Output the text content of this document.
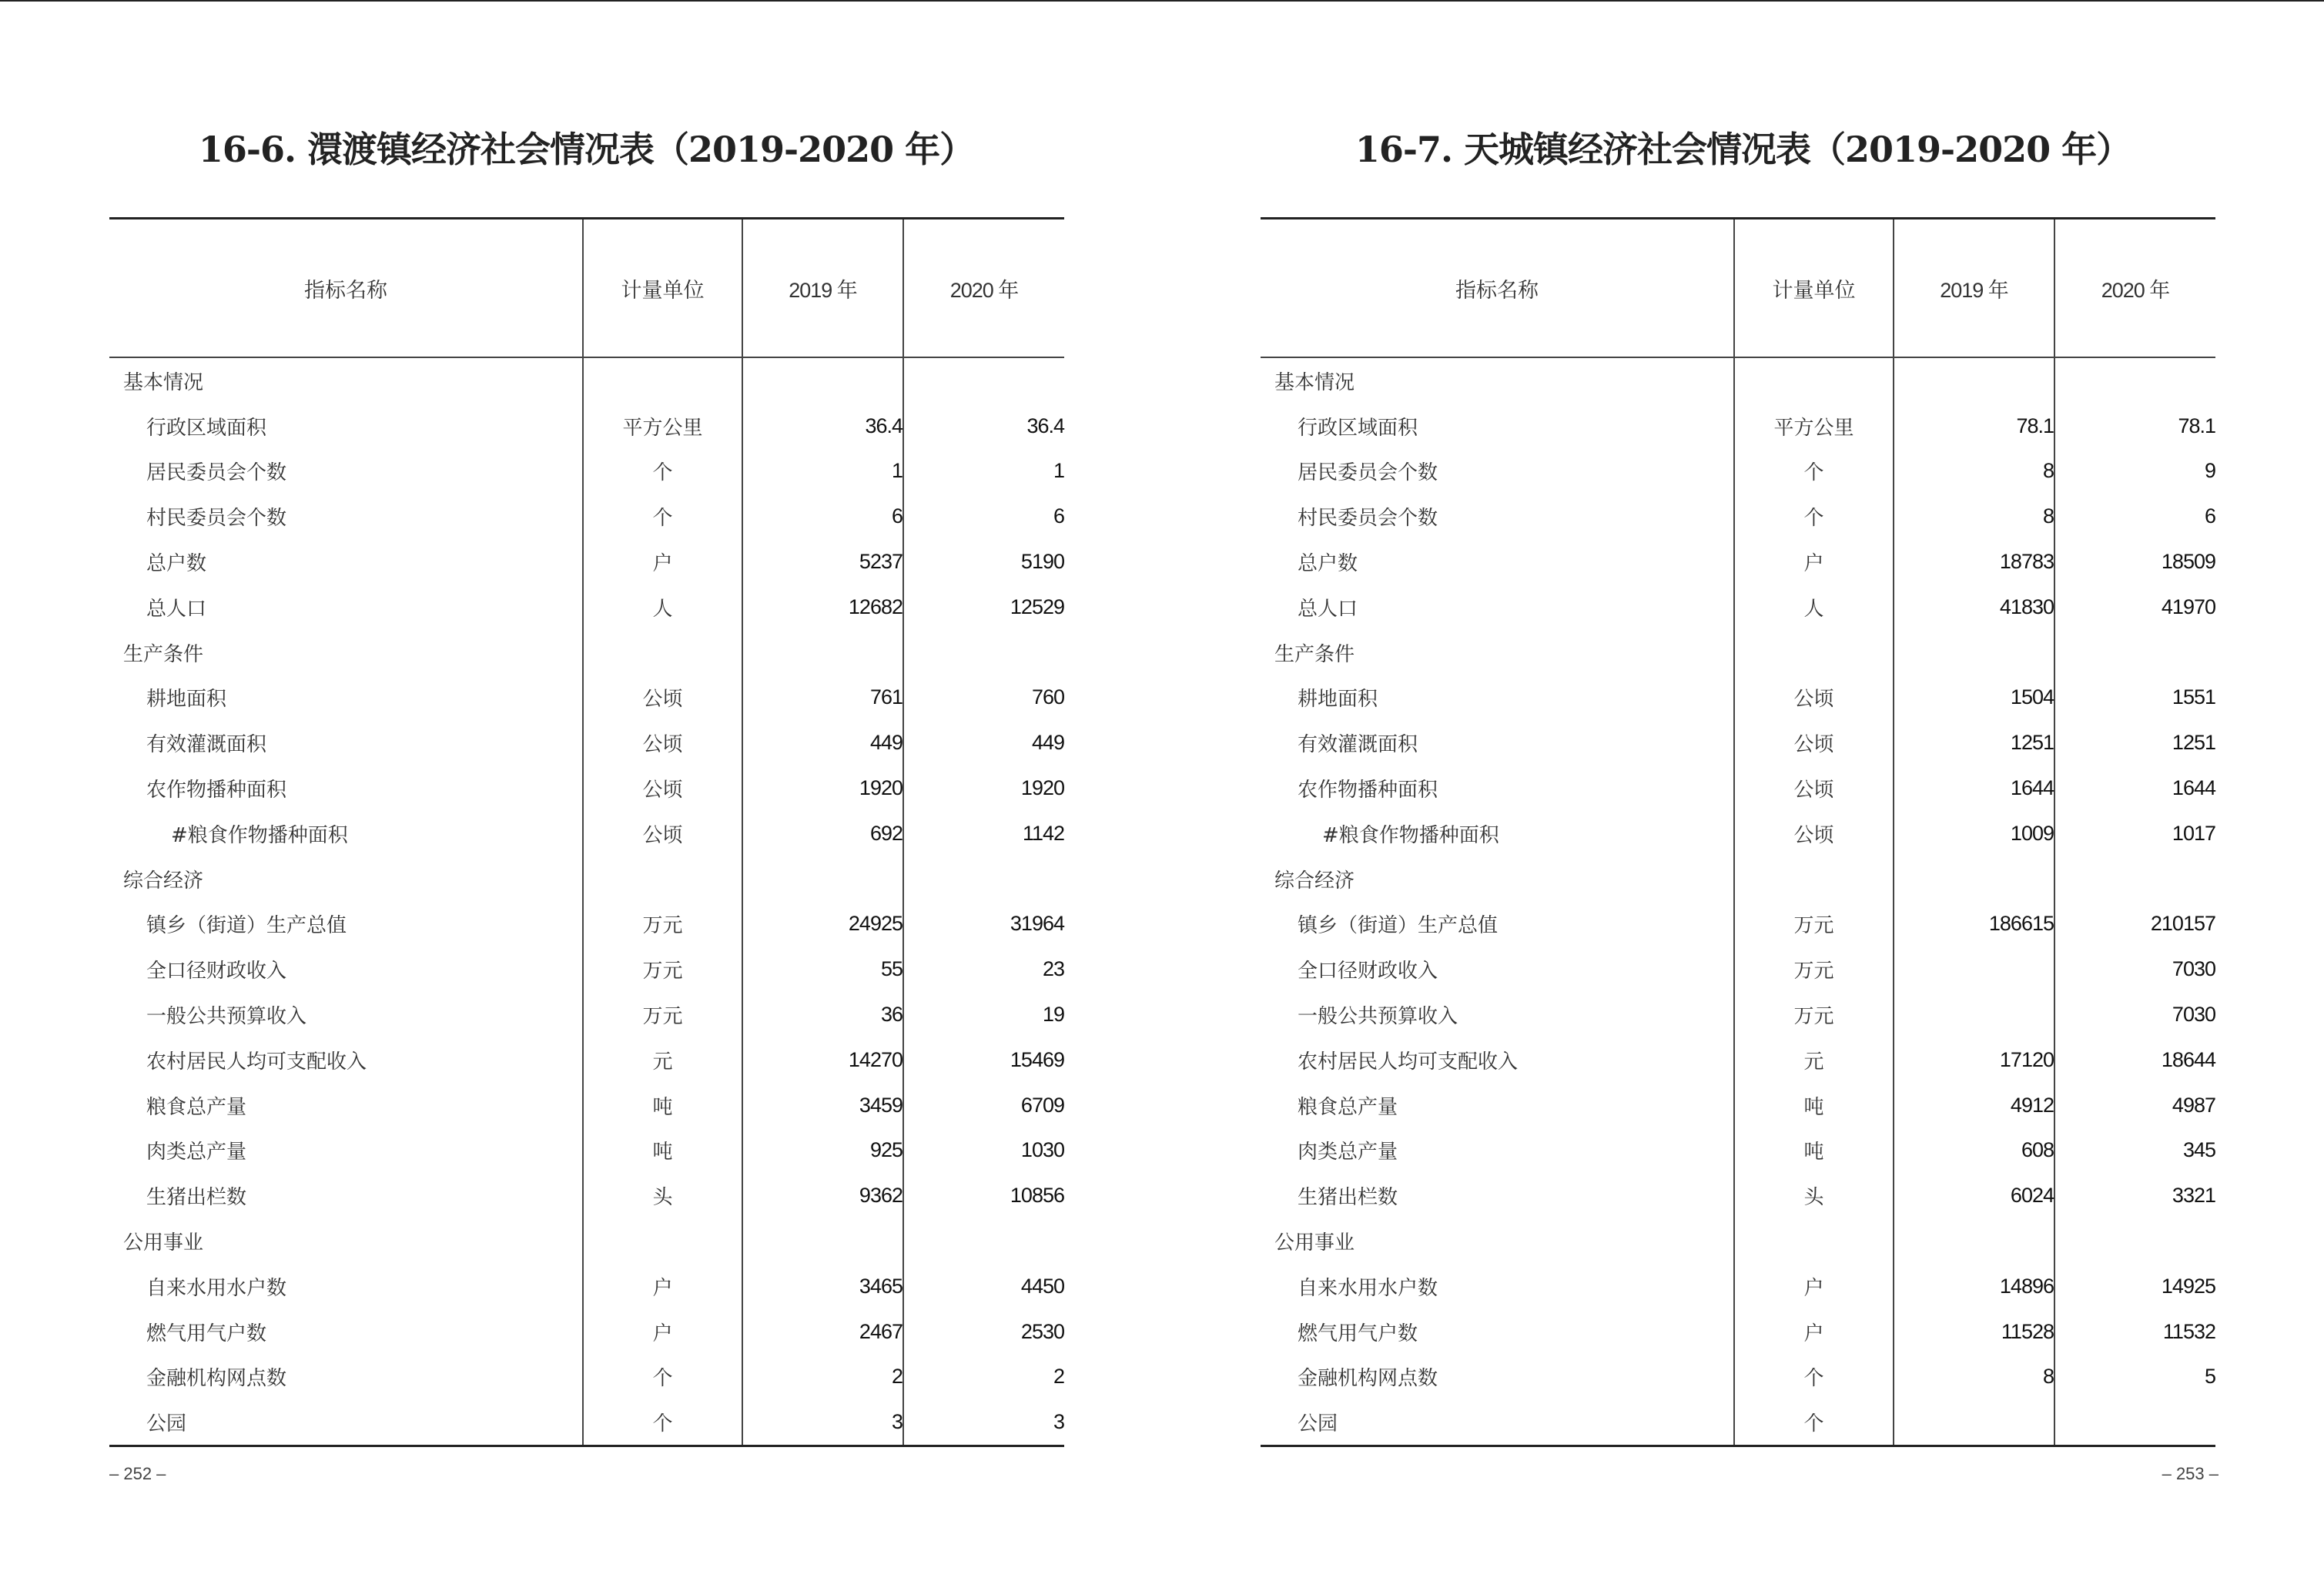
16-6. 澴渡镇经济社会情况表（2019-2020 年）
指标名称	计量单位	2019 年	2020 年
基本情况			
行政区域面积	平方公里	36.4	36.4
居民委员会个数	个	1	1
村民委员会个数	个	6	6
总户数	户	5237	5190
总人口	人	12682	12529
生产条件			
耕地面积	公顷	761	760
有效灌溉面积	公顷	449	449
农作物播种面积	公顷	1920	1920
#粮食作物播种面积	公顷	692	1142
综合经济			
镇乡（街道）生产总值	万元	24925	31964
全口径财政收入	万元	55	23
一般公共预算收入	万元	36	19
农村居民人均可支配收入	元	14270	15469
粮食总产量	吨	3459	6709
肉类总产量	吨	925	1030
生猪出栏数	头	9362	10856
公用事业			
自来水用水户数	户	3465	4450
燃气用气户数	户	2467	2530
金融机构网点数	个	2	2
公园	个	3	3
– 252 –
16-7. 天城镇经济社会情况表（2019-2020 年）
指标名称	计量单位	2019 年	2020 年
基本情况			
行政区域面积	平方公里	78.1	78.1
居民委员会个数	个	8	9
村民委员会个数	个	8	6
总户数	户	18783	18509
总人口	人	41830	41970
生产条件			
耕地面积	公顷	1504	1551
有效灌溉面积	公顷	1251	1251
农作物播种面积	公顷	1644	1644
#粮食作物播种面积	公顷	1009	1017
综合经济			
镇乡（街道）生产总值	万元	186615	210157
全口径财政收入	万元		7030
一般公共预算收入	万元		7030
农村居民人均可支配收入	元	17120	18644
粮食总产量	吨	4912	4987
肉类总产量	吨	608	345
生猪出栏数	头	6024	3321
公用事业			
自来水用水户数	户	14896	14925
燃气用气户数	户	11528	11532
金融机构网点数	个	8	5
公园	个		
– 253 –
